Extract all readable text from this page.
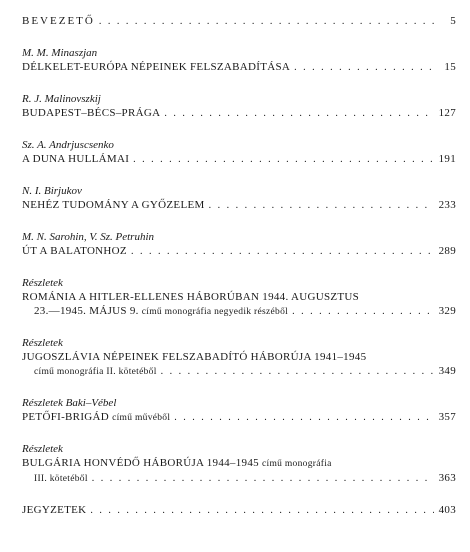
BEVEZETŐ . . .	5
M. M. Minaszjan
DÉLKELET-EURÓPA NÉPEINEK FELSZABADÍTÁSA . . .	15
R. J. Malinovszkij
BUDAPEST–BÉCS–PRÁGA . . .	127
Sz. A. Andrjuscsenko
A DUNA HULLÁMAI . . .	191
N. I. Birjukov
NEHÉZ TUDOMÁNY A GYŐZELEM . . .	233
M. N. Sarohin, V. Sz. Petruhin
ÚT A BALATONHOZ . . .	289
Részletek
ROMÁNIA A HITLER-ELLENES HÁBORÚBAN 1944. AUGUSZTUS
23.—1945. MÁJUS 9. című monográfia negyedik részéből . . .	329
Részletek
JUGOSZLÁVIA NÉPEINEK FELSZABADÍTÓ HÁBORÚJA 1941–1945
című monográfia II. kötetéből . . .	349
Részletek Baki–Vébel
PETŐFI-BRIGÁD című művéből . . .	357
Részletek
BULGÁRIA HONVÉDŐ HÁBORÚJA 1944–1945 című monográfia
III. kötetéből . . .	363
JEGYZETEK . . .	403
